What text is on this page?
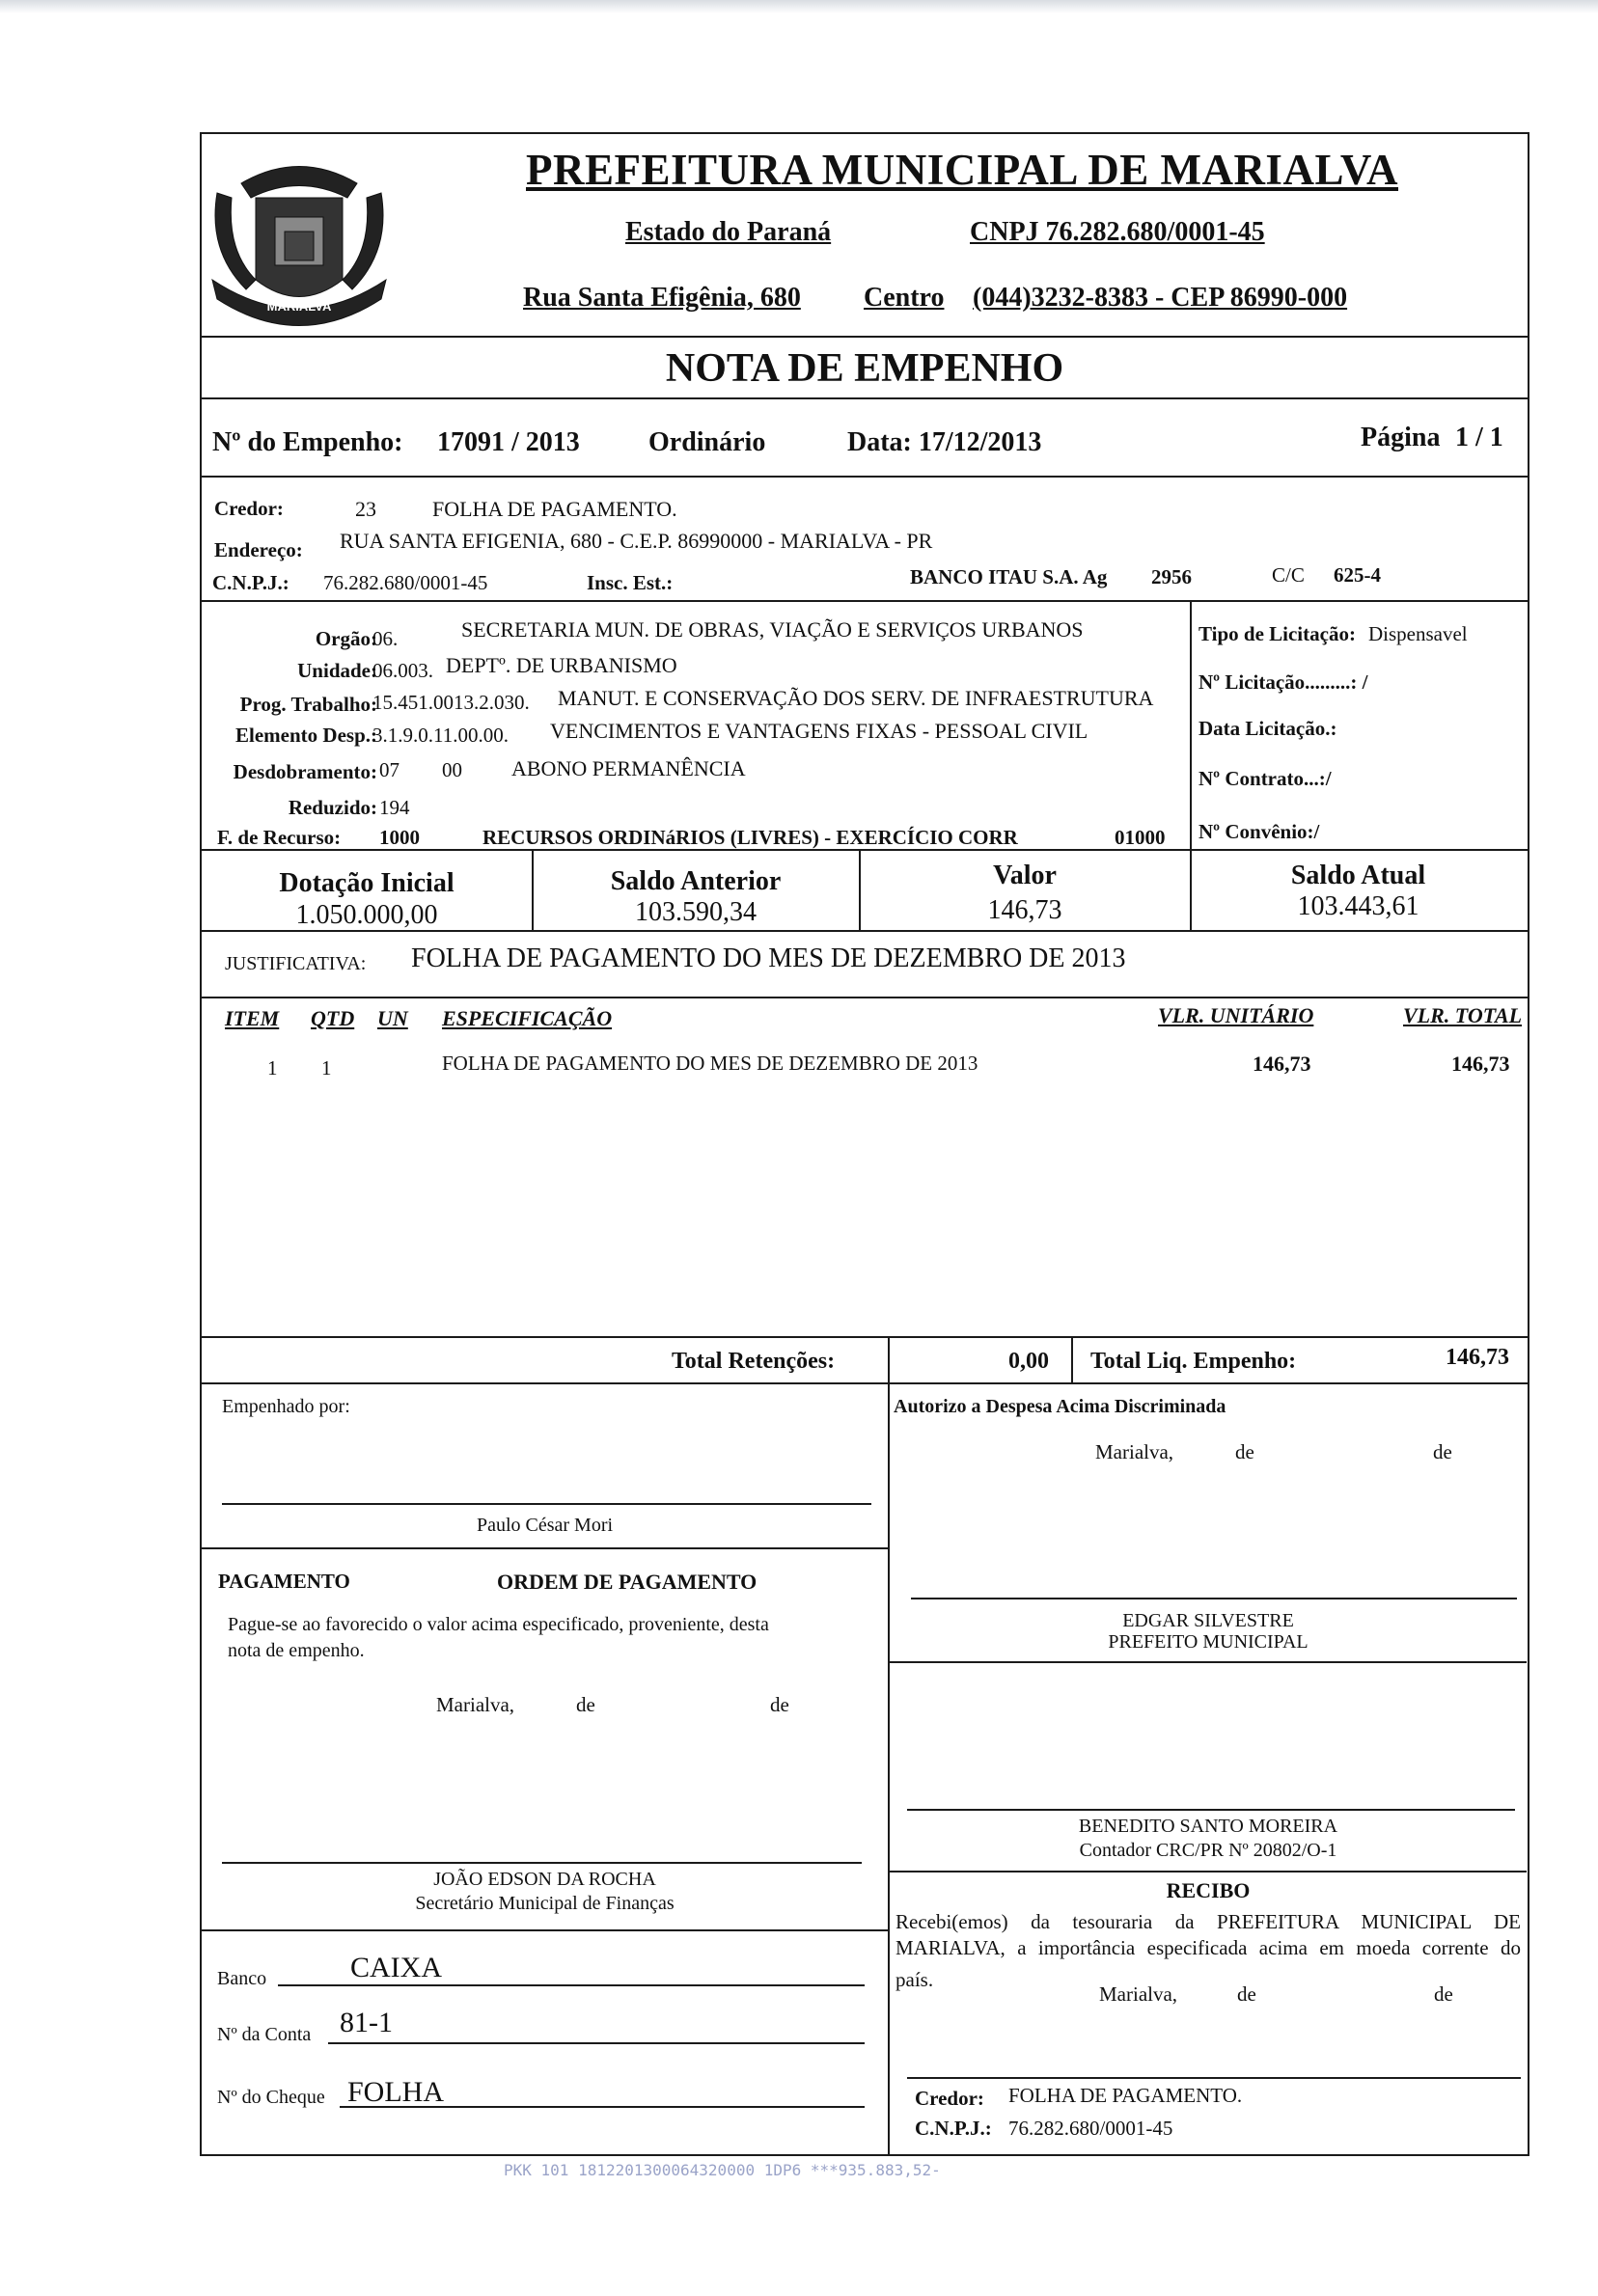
MARIALVA
PREFEITURA MUNICIPAL DE MARIALVA
Estado do Paraná	CNPJ 76.282.680/0001-45
Rua Santa Efigênia, 680 Centro (044)3232-8383 - CEP 86990-000
NOTA DE EMPENHO
Nº do Empenho: 17091 / 2013	Ordinário	Data: 17/12/2013	Página 1 / 1
Credor:	23	FOLHA DE PAGAMENTO.
Endereço: RUA SANTA EFIGENIA, 680 - C.E.P. 86990000 - MARIALVA - PR
C.N.P.J.: 76.282.680/0001-45	Insc. Est.:	BANCO ITAU S.A. Ag 2956	C/C 625-4
Orgão:
06.	SECRETARIA MUN. DE OBRAS, VIAÇÃO E SERVIÇOS URBANOS
Unidade:
06.003. DEPTº. DE URBANISMO
Prog. Trabalho:
15.451.0013.2.030. MANUT. E CONSERVAÇÃO DOS SERV. DE INFRAESTRUTURA
Elemento Desp.:
3.1.9.0.11.00.00. VENCIMENTOS E VANTAGENS FIXAS - PESSOAL CIVIL
Desdobramento: 07 00 ABONO PERMANÊNCIA
Reduzido: 194
F. de Recurso: 1000	RECURSOS ORDINáRIOS (LIVRES) - EXERCÍCIO CORR	01000
Tipo de Licitação: Dispensavel
Nº Licitação.........: /
Data Licitação.:
Nº Contrato...:/
Nº Convênio:/
Dotação Inicial
1.050.000,00
Saldo Anterior
103.590,34
Valor
146,73
Saldo Atual
103.443,61
JUSTIFICATIVA: FOLHA DE PAGAMENTO DO MES DE DEZEMBRO DE 2013
ITEM QTD UN ESPECIFICAÇÃO	VLR. UNITÁRIO	VLR. TOTAL
1 1	FOLHA DE PAGAMENTO DO MES DE DEZEMBRO DE 2013	146,73	146,73
Total Retenções:	0,00 Total Liq. Empenho:	146,73
Empenhado por:
Paulo César Mori
PAGAMENTO	ORDEM DE PAGAMENTO
Pague-se ao favorecido o valor acima especificado, proveniente, desta
nota de empenho.
Marialva,	de	de
JOÃO EDSON DA ROCHA
Secretário Municipal de Finanças
Banco	CAIXA
Nº da Conta 81-1
Nº do Cheque FOLHA
Autorizo a Despesa Acima Discriminada
Marialva,	de	de
EDGAR SILVESTRE
PREFEITO MUNICIPAL
BENEDITO SANTO MOREIRA
Contador CRC/PR Nº 20802/O-1
RECIBO
Recebi(emos) da tesouraria da PREFEITURA MUNICIPAL DE
MARIALVA, a importância especificada acima em moeda corrente do
país.
Marialva,	de	de
Credor: FOLHA DE PAGAMENTO.
C.N.P.J.: 76.282.680/0001-45
PKK 101 1812201300064320000 1DP6 ***935.883,52-
